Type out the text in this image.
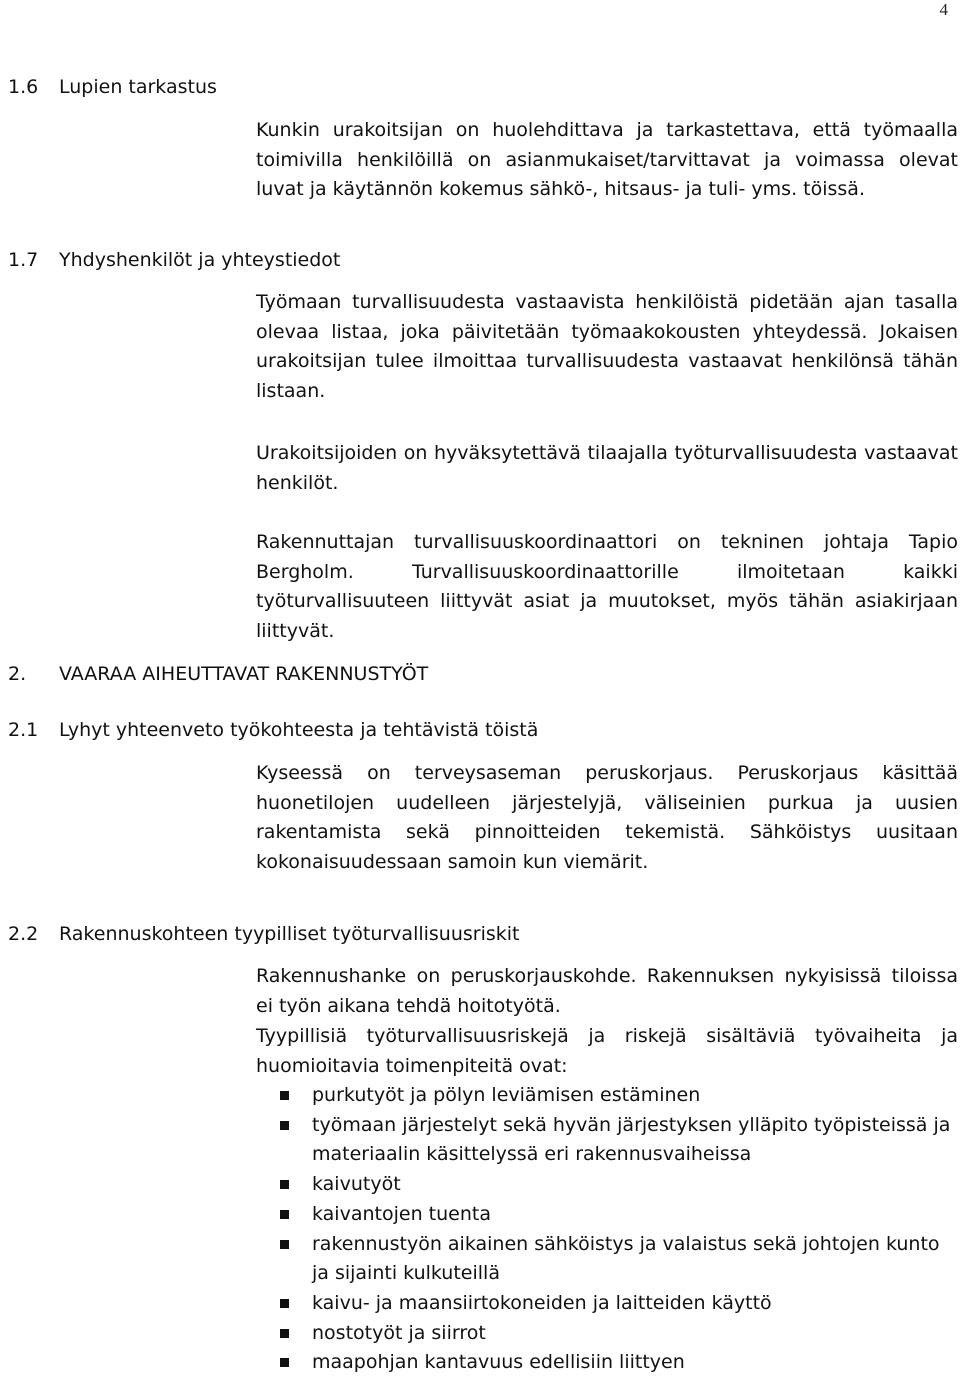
4
1.6 Lupien tarkastus

Kunkin urakoitsijan on huolehdittava ja tarkastettava, että työmaalla toimivilla henkilöillä on asianmukaiset/tarvittavat ja voimassa olevat luvat ja käytännön kokemus sähkö-, hitsaus- ja tuli- yms. töissä.

1.7 Yhdyshenkilöt ja yhteystiedot

Työmaan turvallisuudesta vastaavista henkilöistä pidetään ajan tasalla olevaa listaa, joka päivitetään työmaakokousten yhteydessä. Jokaisen urakoitsijan tulee ilmoittaa turvallisuudesta vastaavat henkilönsä tähän listaan.

Urakoitsijoiden on hyväksytettävä tilaajalla työturvallisuudesta vastaavat henkilöt.

Rakennuttajan turvallisuuskoordinaattori on tekninen johtaja Tapio Bergholm. Turvallisuuskoordinaattorille ilmoitetaan kaikki työturvallisuuteen liittyvät asiat ja muutokset, myös tähän asiakirjaan liittyvät.

2. VAARAA AIHEUTTAVAT RAKENNUSTYÖT
2.1 Lyhyt yhteenveto työkohteesta ja tehtävistä töistä

Kyseessä on terveysaseman peruskorjaus. Peruskorjaus käsittää huonetilojen uudelleen järjestelyjä, väliseinien purkua ja uusien rakentamista sekä pinnoitteiden tekemistä. Sähköistys uusitaan kokonaisuudessaan samoin kun viemärit.

2.2 Rakennuskohteen tyypilliset työturvallisuusriskit

Rakennushanke on peruskorjauskohde. Rakennuksen nykyisissä tiloissa ei työn aikana tehdä hoitotyötä.

Tyypillisiä työturvallisuusriskejä ja riskejä sisältäviä työvaiheita ja huomioitavia toimenpiteitä ovat:

purkutyöt ja pölyn leviämisen estäminen
työmaan järjestelyt sekä hyvän järjestyksen ylläpito työpisteissä ja materiaalin käsittelyssä eri rakennusvaiheissa
kaivutyöt
kaivantojen tuenta
rakennustyön aikainen sähköistys ja valaistus sekä johtojen kunto ja sijainti kulkuteillä
kaivu- ja maansiirtokoneiden ja laitteiden käyttö
nostotyöt ja siirrot
maapohjan kantavuus edellisiin liittyen
